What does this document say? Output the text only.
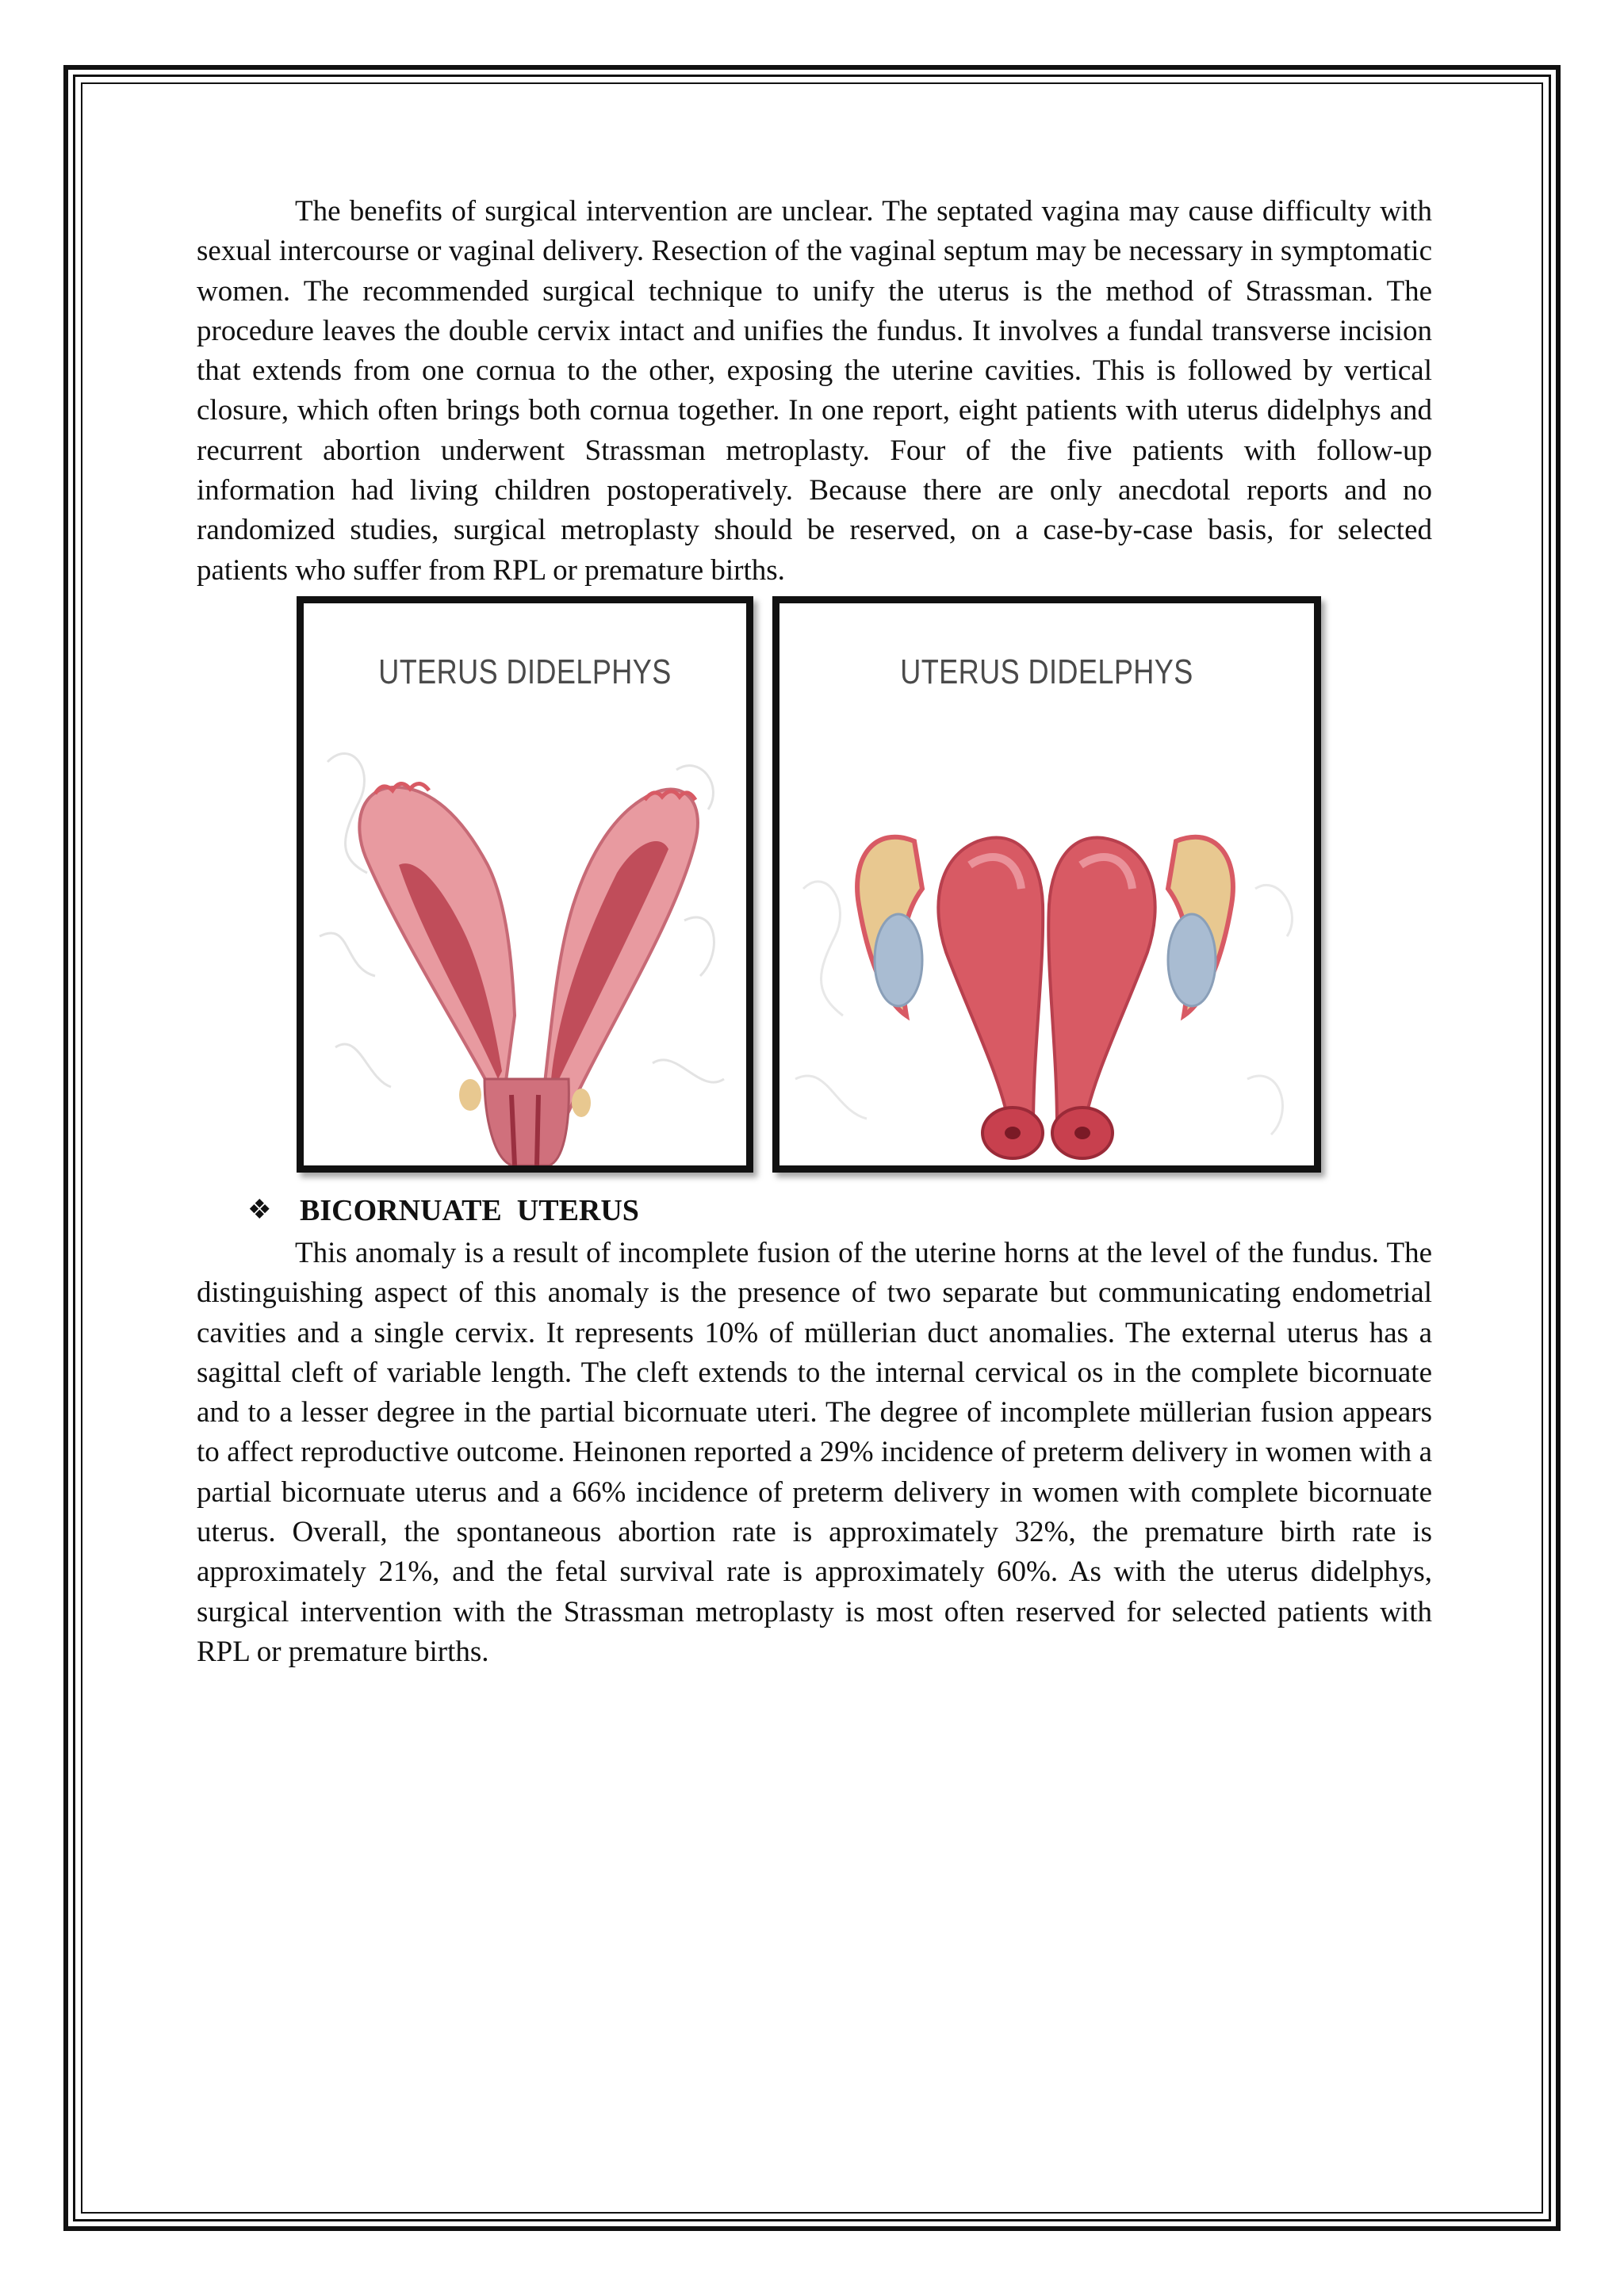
The benefits of surgical intervention are unclear. The septated vagina may cause difficulty with sexual intercourse or vaginal delivery. Resection of the vaginal septum may be necessary in symptomatic women. The recommended surgical technique to unify the uterus is the method of Strassman. The procedure leaves the double cervix intact and unifies the fundus. It involves a fundal transverse incision that extends from one cornua to the other, exposing the uterine cavities. This is followed by vertical closure, which often brings both cornua together. In one report, eight patients with uterus didelphys and recurrent abortion underwent Strassman metroplasty. Four of the five patients with follow-up information had living children postoperatively. Because there are only anecdotal reports and no randomized studies, surgical metroplasty should be reserved, on a case-by-case basis, for selected patients who suffer from RPL or premature births.

UTERUS DIDELPHYS	UTERUS DIDELPHYS
❖ BICORNUATE  UTERUS

This anomaly is a result of incomplete fusion of the uterine horns at the level of the fundus. The distinguishing aspect of this anomaly is the presence of two separate but communicating endometrial cavities and a single cervix. It represents 10% of müllerian duct anomalies. The external uterus has a sagittal cleft of variable length. The cleft extends to the internal cervical os in the complete bicornuate and to a lesser degree in the partial bicornuate uteri. The degree of incomplete müllerian fusion appears to affect reproductive outcome. Heinonen reported a 29% incidence of preterm delivery in women with a partial bicornuate uterus and a 66% incidence of preterm delivery in women with complete bicornuate uterus. Overall, the spontaneous abortion rate is approximately 32%, the premature birth rate is approximately 21%, and the fetal survival rate is approximately 60%. As with the uterus didelphys, surgical intervention with the Strassman metroplasty is most often reserved for selected patients with RPL or premature births.
